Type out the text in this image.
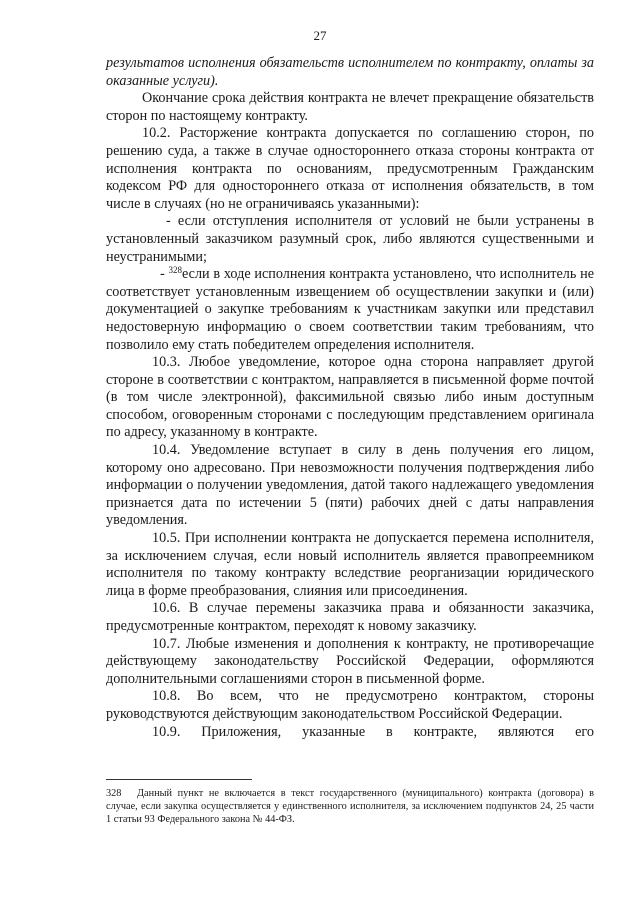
27

результатов исполнения обязательств исполнителем по контракту, оплаты за оказанные услуги).

Окончание срока действия контракта не влечет прекращение обязательств сторон по настоящему контракту.

10.2. Расторжение контракта допускается по соглашению сторон, по решению суда, а также в случае одностороннего отказа стороны контракта от исполнения контракта по основаниям, предусмотренным Гражданским кодексом РФ для одностороннего отказа от исполнения обязательств, в том числе в случаях (но не ограничиваясь указанными):

- если отступления исполнителя от условий не были устранены в установленный заказчиком разумный срок, либо являются существенными и неустранимыми;

- $^{328}$если в ходе исполнения контракта установлено, что исполнитель не соответствует установленным извещением об осуществлении закупки и (или) документацией о закупке требованиям к участникам закупки или представил недостоверную информацию о своем соответствии таким требованиям, что позволило ему стать победителем определения исполнителя.

10.3. Любое уведомление, которое одна сторона направляет другой стороне в соответствии с контрактом, направляется в письменной форме почтой (в том числе электронной), факсимильной связью либо иным доступным способом, оговоренным сторонами с последующим представлением оригинала по адресу, указанному в контракте.

10.4. Уведомление вступает в силу в день получения его лицом, которому оно адресовано. При невозможности получения подтверждения либо информации о получении уведомления, датой такого надлежащего уведомления признается дата по истечении 5 (пяти) рабочих дней с даты направления уведомления.

10.5. При исполнении контракта не допускается перемена исполнителя, за исключением случая, если новый исполнитель является правопреемником исполнителя по такому контракту вследствие реорганизации юридического лица в форме преобразования, слияния или присоединения.

10.6. В случае перемены заказчика права и обязанности заказчика, предусмотренные контрактом, переходят к новому заказчику.

10.7. Любые изменения и дополнения к контракту, не противоречащие действующему законодательству Российской Федерации, оформляются дополнительными соглашениями сторон в письменной форме.

10.8. Во всем, что не предусмотрено контрактом, стороны руководствуются действующим законодательством Российской Федерации.

10.9. Приложения, указанные в контракте, являются его

328 Данный пункт не включается в текст государственного (муниципального) контракта (договора) в случае, если закупка осуществляется у единственного исполнителя, за исключением подпунктов 24, 25 части 1 статьи 93 Федерального закона № 44-ФЗ.
